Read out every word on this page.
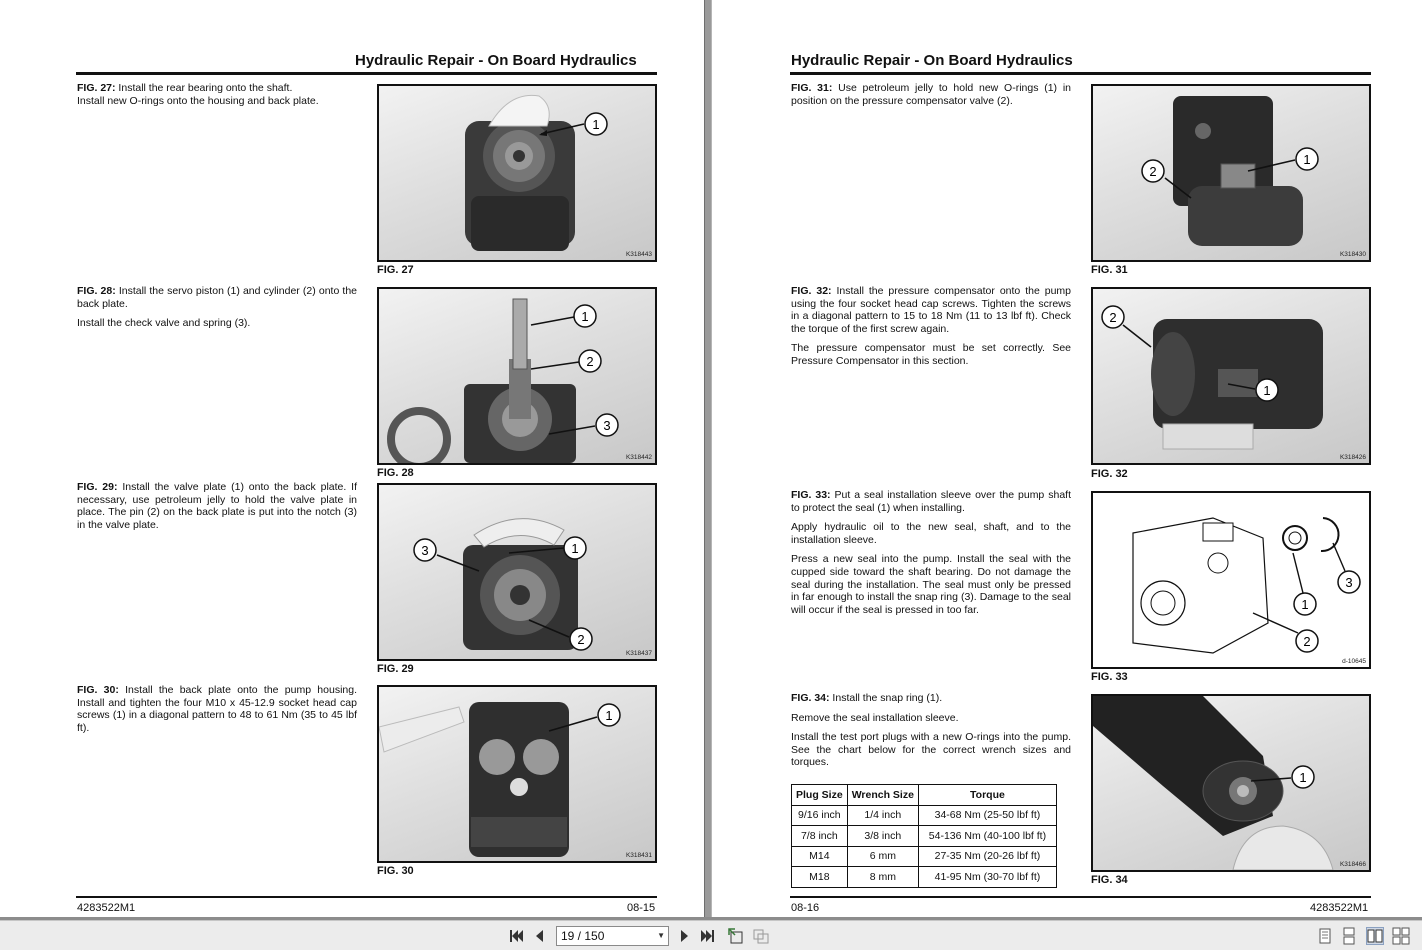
Hydraulic Repair - On Board Hydraulics

FIG. 27: Install the rear bearing onto the shaft.
Install new O-rings onto the housing and back plate.

1
K318443
FIG. 27

FIG. 28: Install the servo piston (1) and cylinder (2) onto the back plate.

Install the check valve and spring (3).	1
2
3
K318442
FIG. 28

FIG. 29: Install the valve plate (1) onto the back plate. If necessary, use petroleum jelly to hold the valve plate in place. The pin (2) on the back plate is put into the notch (3) in the valve plate.

1
2
3
K318437
FIG. 29

FIG. 30: Install the back plate onto the pump housing. Install and tighten the four M10 x 45-12.9 socket head cap screws (1) in a diagonal pattern to 48 to 61 Nm (35 to 45 lbf ft).

1
K318431
FIG. 30
4283522M1	08-15
Hydraulic Repair - On Board Hydraulics

FIG. 31: Use petroleum jelly to hold new O-rings (1) in position on the pressure compensator valve (2).

1
2
K318430
FIG. 31

FIG. 32: Install the pressure compensator onto the pump using the four socket head cap screws. Tighten the screws in a diagonal pattern to 15 to 18 Nm (11 to 13 lbf ft). Check the torque of the first screw again.

The pressure compensator must be set correctly. See Pressure Compensator in this section.

1
2
K318426
FIG. 32

FIG. 33: Put a seal installation sleeve over the pump shaft to protect the seal (1) when installing.

Apply hydraulic oil to the new seal, shaft, and to the installation sleeve.

Press a new seal into the pump. Install the seal with the cupped side toward the shaft bearing. Do not damage the seal during the installation. The seal must only be pressed in far enough to install the snap ring (3). Damage to the seal will occur if the seal is pressed in too far.	1
2
3
d-10645
FIG. 33

FIG. 34: Install the snap ring (1).

Remove the seal installation sleeve.

Install the test port plugs with a new O-rings into the pump. See the chart below for the correct wrench sizes and torques.

Plug Size	Wrench Size	Torque
9/16 inch	1/4 inch	34-68 Nm (25-50 lbf ft)
7/8 inch	3/8 inch	54-136 Nm (40-100 lbf ft)
M14	6 mm	27-35 Nm (20-26 lbf ft)
M18	8 mm	41-95 Nm (30-70 lbf ft)
1
K318466
FIG. 34
08-16	4283522M1
19 / 150	▼
